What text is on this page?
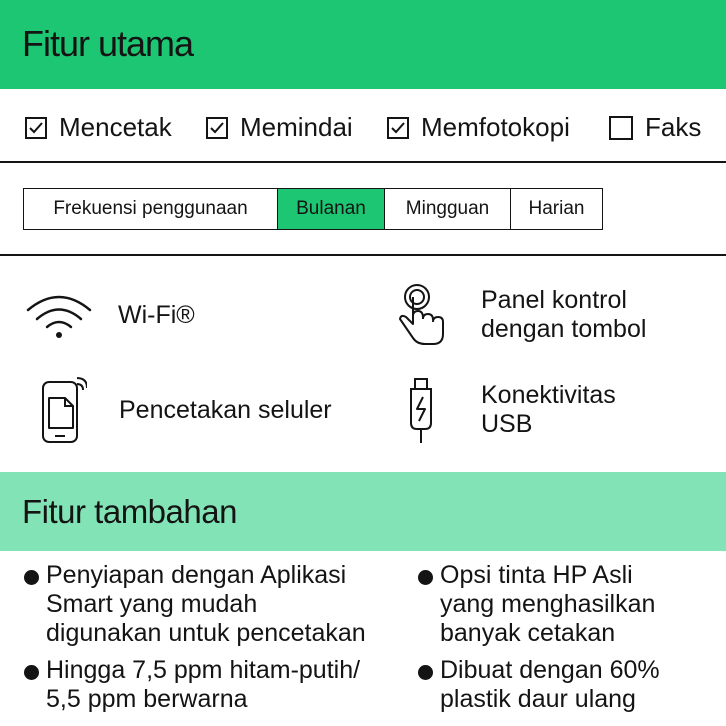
Fitur utama
Mencetak	Memindai	Memfotokopi	Faks
Frekuensi penggunaan	Bulanan	Mingguan	Harian
Wi-Fi®
Panel kontrol
dengan tombol
Pencetakan seluler
Konektivitas
USB
Fitur tambahan
Penyiapan dengan Aplikasi
Smart yang mudah
digunakan untuk pencetakan
Opsi tinta HP Asli
yang menghasilkan
banyak cetakan
Hingga 7,5 ppm hitam-putih/
5,5 ppm berwarna
Dibuat dengan 60%
plastik daur ulang
